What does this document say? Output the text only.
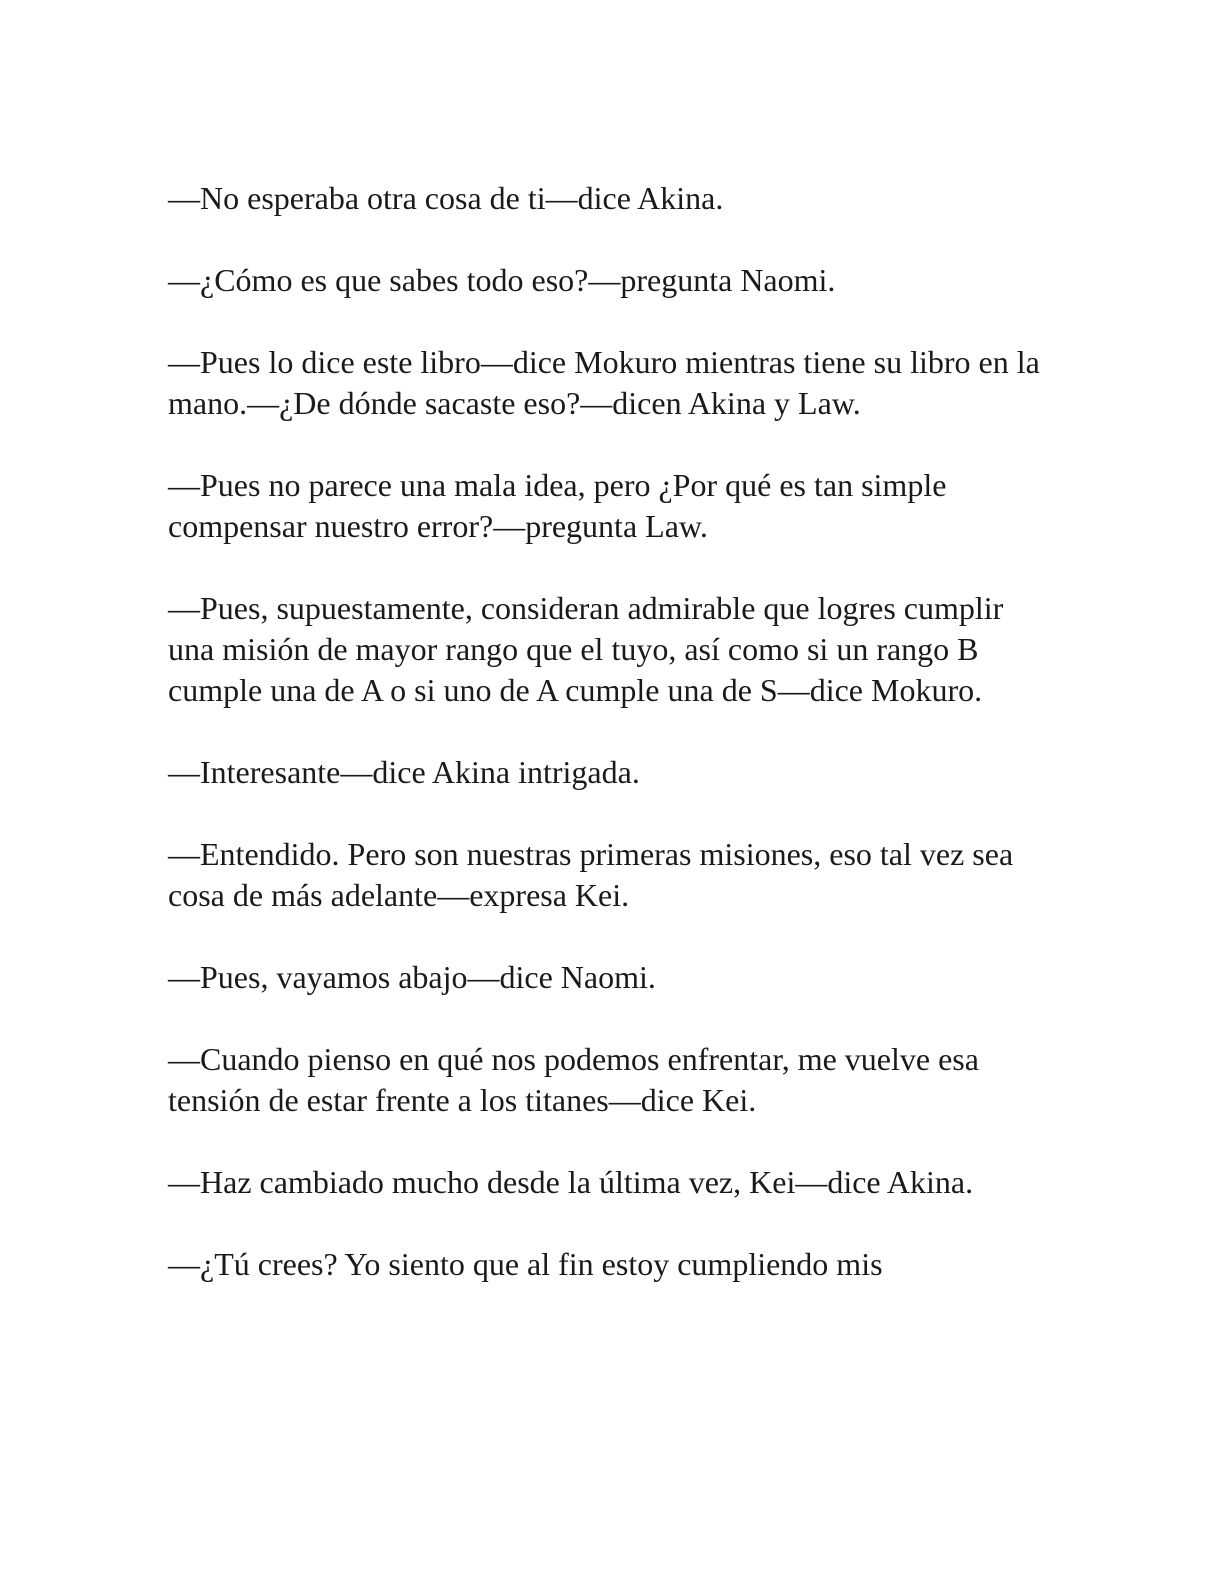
—No esperaba otra cosa de ti—dice Akina.

—¿Cómo es que sabes todo eso?—pregunta Naomi.

—Pues lo dice este libro—dice Mokuro mientras tiene su libro en la mano.—¿De dónde sacaste eso?—dicen Akina y Law.

—Pues no parece una mala idea, pero ¿Por qué es tan simple compensar nuestro error?—pregunta Law.

—Pues, supuestamente, consideran admirable que logres cumplir una misión de mayor rango que el tuyo, así como si un rango B cumple una de A o si uno de A cumple una de S—dice Mokuro.

—Interesante—dice Akina intrigada.

—Entendido. Pero son nuestras primeras misiones, eso tal vez sea cosa de más adelante—expresa Kei.

—Pues, vayamos abajo—dice Naomi.

—Cuando pienso en qué nos podemos enfrentar, me vuelve esa tensión de estar frente a los titanes—dice Kei.

—Haz cambiado mucho desde la última vez, Kei—dice Akina.

—¿Tú crees? Yo siento que al fin estoy cumpliendo mis
